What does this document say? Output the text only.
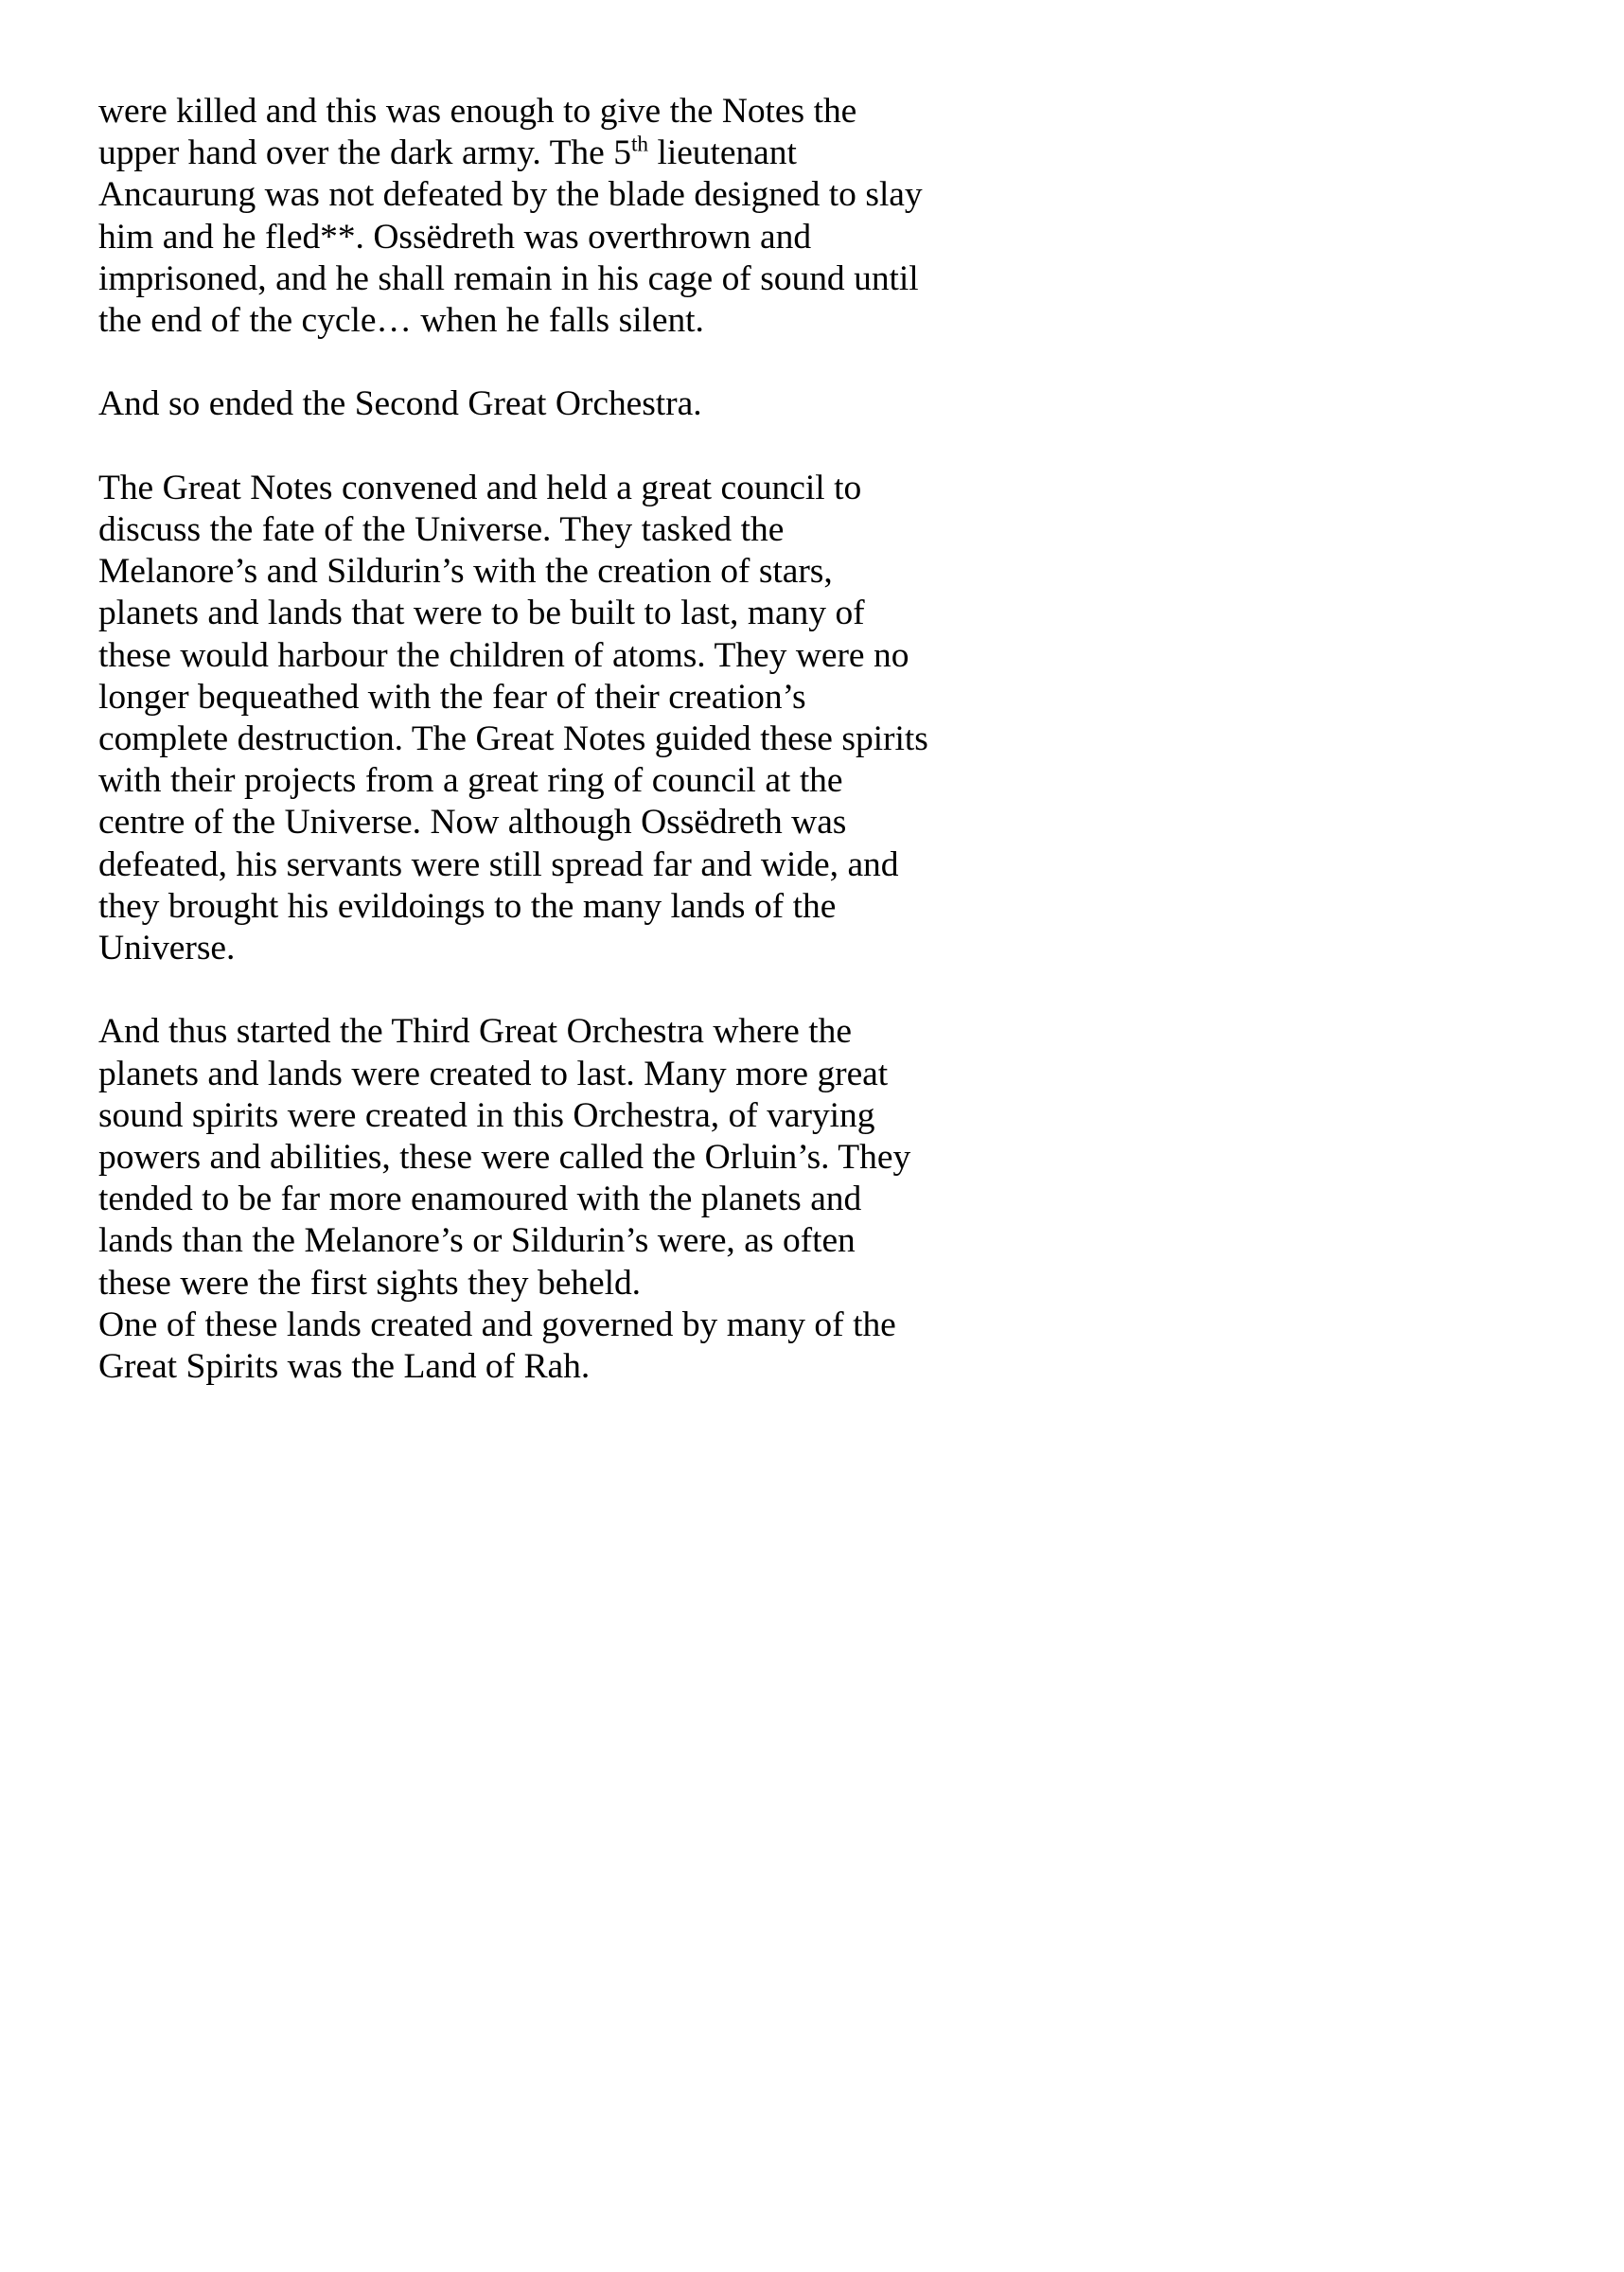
were killed and this was enough to give the Notes the upper hand over the dark army. The 5th lieutenant Ancaurung was not defeated by the blade designed to slay him and he fled**. Ossëdreth was overthrown and imprisoned, and he shall remain in his cage of sound until the end of the cycle… when he falls silent.

And so ended the Second Great Orchestra.

The Great Notes convened and held a great council to discuss the fate of the Universe. They tasked the Melanore’s and Sildurin’s with the creation of stars, planets and lands that were to be built to last, many of these would harbour the children of atoms. They were no longer bequeathed with the fear of their creation’s complete destruction. The Great Notes guided these spirits with their projects from a great ring of council at the centre of the Universe. Now although Ossëdreth was defeated, his servants were still spread far and wide, and they brought his evildoings to the many lands of the Universe.

And thus started the Third Great Orchestra where the planets and lands were created to last. Many more great sound spirits were created in this Orchestra, of varying powers and abilities, these were called the Orluin’s. They tended to be far more enamoured with the planets and lands than the Melanore’s or Sildurin’s were, as often these were the first sights they beheld.

One of these lands created and governed by many of the Great Spirits was the Land of Rah.
